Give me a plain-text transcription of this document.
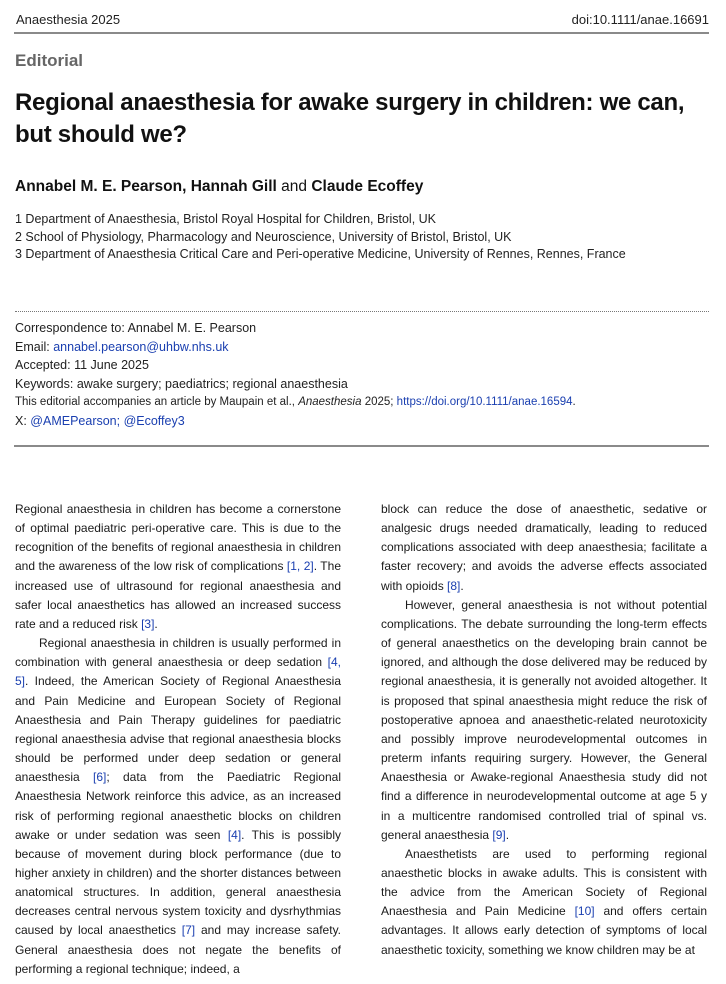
Anaesthesia 2025	doi:10.1111/anae.16691
Editorial
Regional anaesthesia for awake surgery in children: we can, but should we?
Annabel M. E. Pearson, Hannah Gill and Claude Ecoffey
1 Department of Anaesthesia, Bristol Royal Hospital for Children, Bristol, UK
2 School of Physiology, Pharmacology and Neuroscience, University of Bristol, Bristol, UK
3 Department of Anaesthesia Critical Care and Peri-operative Medicine, University of Rennes, Rennes, France
Correspondence to: Annabel M. E. Pearson
Email: annabel.pearson@uhbw.nhs.uk
Accepted: 11 June 2025
Keywords: awake surgery; paediatrics; regional anaesthesia
This editorial accompanies an article by Maupain et al., Anaesthesia 2025; https://doi.org/10.1111/anae.16594.
X: @AMEPearson; @Ecoffey3

Regional anaesthesia in children has become a cornerstone of optimal paediatric peri-operative care. This is due to the recognition of the benefits of regional anaesthesia in children and the awareness of the low risk of complications [1, 2]. The increased use of ultrasound for regional anaesthesia and safer local anaesthetics has allowed an increased success rate and a reduced risk [3].

Regional anaesthesia in children is usually performed in combination with general anaesthesia or deep sedation [4, 5]. Indeed, the American Society of Regional Anaesthesia and Pain Medicine and European Society of Regional Anaesthesia and Pain Therapy guidelines for paediatric regional anaesthesia advise that regional anaesthesia blocks should be performed under deep sedation or general anaesthesia [6]; data from the Paediatric Regional Anaesthesia Network reinforce this advice, as an increased risk of performing regional anaesthetic blocks on children awake or under sedation was seen [4]. This is possibly because of movement during block performance (due to higher anxiety in children) and the shorter distances between anatomical structures. In addition, general anaesthesia decreases central nervous system toxicity and dysrhythmias caused by local anaesthetics [7] and may increase safety. General anaesthesia does not negate the benefits of performing a regional technique; indeed, a

block can reduce the dose of anaesthetic, sedative or analgesic drugs needed dramatically, leading to reduced complications associated with deep anaesthesia; facilitate a faster recovery; and avoids the adverse effects associated with opioids [8].

However, general anaesthesia is not without potential complications. The debate surrounding the long-term effects of general anaesthetics on the developing brain cannot be ignored, and although the dose delivered may be reduced by regional anaesthesia, it is generally not avoided altogether. It is proposed that spinal anaesthesia might reduce the risk of postoperative apnoea and anaesthetic-related neurotoxicity and possibly improve neurodevelopmental outcomes in preterm infants requiring surgery. However, the General Anaesthesia or Awake-regional Anaesthesia study did not find a difference in neurodevelopmental outcome at age 5 y in a multicentre randomised controlled trial of spinal vs. general anaesthesia [9].

Anaesthetists are used to performing regional anaesthetic blocks in awake adults. This is consistent with the advice from the American Society of Regional Anaesthesia and Pain Medicine [10] and offers certain advantages. It allows early detection of symptoms of local anaesthetic toxicity, something we know children may be at
